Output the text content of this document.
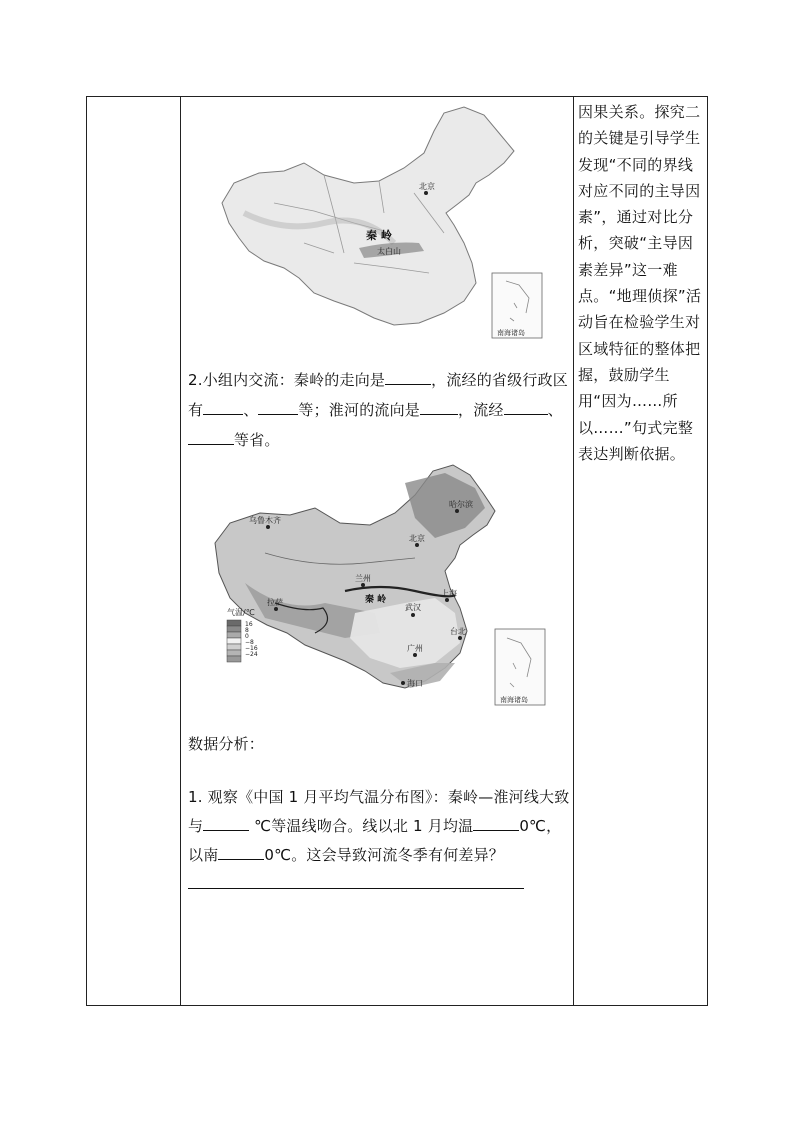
北京
秦 岭
太白山
南海诸岛
2.小组内交流：秦岭的走向是	，流经的省级行政区有	、	等；淮河的流向是	，流经	、等省。
乌鲁木齐
哈尔滨
北京
兰州
秦 岭
拉萨
武汉
上海
台北
广州
海口
气温/℃
16
8
0
−8
−16
−24
南海诸岛
数据分析：
1. 观察《中国 1 月平均气温分布图》：秦岭—淮河线大致与	℃等温线吻合。线以北 1 月均温	0℃，以南	0℃。这会导致河流冬季有何差异？
因果关系。探究二的关键是引导学生发现“不同的界线对应不同的主导因素”，通过对比分析，突破“主导因素差异”这一难点。“地理侦探”活动旨在检验学生对区域特征的整体把握，鼓励学生用“因为……所以……”句式完整表达判断依据。
